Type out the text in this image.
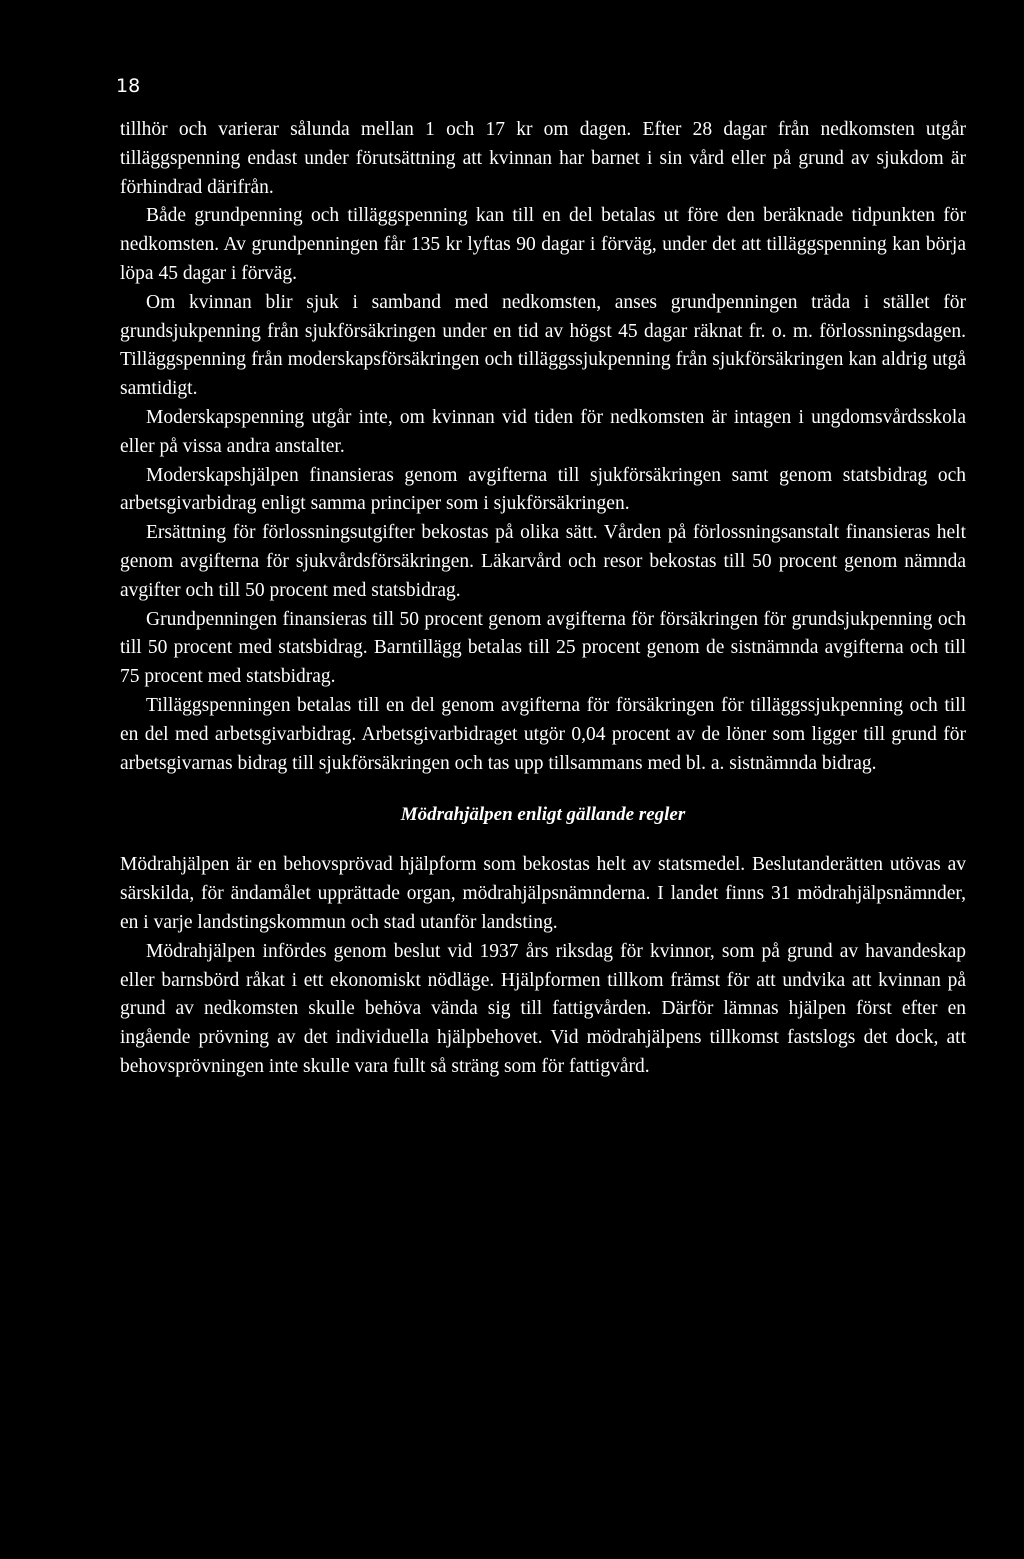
18

tillhör och varierar sålunda mellan 1 och 17 kr om dagen. Efter 28 dagar från nedkomsten utgår tilläggspenning endast under förutsättning att kvinnan har barnet i sin vård eller på grund av sjukdom är förhindrad därifrån.

Både grundpenning och tilläggspenning kan till en del betalas ut före den beräknade tidpunkten för nedkomsten. Av grundpenningen får 135 kr lyftas 90 dagar i förväg, under det att tilläggspenning kan börja löpa 45 dagar i förväg.

Om kvinnan blir sjuk i samband med nedkomsten, anses grundpenningen träda i stället för grundsjukpenning från sjukförsäkringen under en tid av högst 45 dagar räknat fr. o. m. förlossningsdagen. Tilläggspenning från moderskapsförsäkringen och tilläggssjukpenning från sjukförsäkringen kan aldrig utgå samtidigt.

Moderskapspenning utgår inte, om kvinnan vid tiden för nedkomsten är intagen i ungdomsvårdsskola eller på vissa andra anstalter.

Moderskapshjälpen finansieras genom avgifterna till sjukförsäkringen samt genom statsbidrag och arbetsgivarbidrag enligt samma principer som i sjukförsäkringen.

Ersättning för förlossningsutgifter bekostas på olika sätt. Vården på förlossningsanstalt finansieras helt genom avgifterna för sjukvårdsförsäkringen. Läkarvård och resor bekostas till 50 procent genom nämnda avgifter och till 50 procent med statsbidrag.

Grundpenningen finansieras till 50 procent genom avgifterna för försäkringen för grundsjukpenning och till 50 procent med statsbidrag. Barntillägg betalas till 25 procent genom de sistnämnda avgifterna och till 75 procent med statsbidrag.

Tilläggspenningen betalas till en del genom avgifterna för försäkringen för tilläggssjukpenning och till en del med arbetsgivarbidrag. Arbetsgivarbidraget utgör 0,04 procent av de löner som ligger till grund för arbetsgivarnas bidrag till sjukförsäkringen och tas upp tillsammans med bl. a. sistnämnda bidrag.

Mödrahjälpen enligt gällande regler

Mödrahjälpen är en behovsprövad hjälpform som bekostas helt av statsmedel. Beslutanderätten utövas av särskilda, för ändamålet upprättade organ, mödrahjälpsnämnderna. I landet finns 31 mödrahjälpsnämnder, en i varje landstingskommun och stad utanför landsting.

Mödrahjälpen infördes genom beslut vid 1937 års riksdag för kvinnor, som på grund av havandeskap eller barnsbörd råkat i ett ekonomiskt nödläge. Hjälpformen tillkom främst för att undvika att kvinnan på grund av nedkomsten skulle behöva vända sig till fattigvården. Därför lämnas hjälpen först efter en ingående prövning av det individuella hjälpbehovet. Vid mödrahjälpens tillkomst fastslogs det dock, att behovsprövningen inte skulle vara fullt så sträng som för fattigvård.
